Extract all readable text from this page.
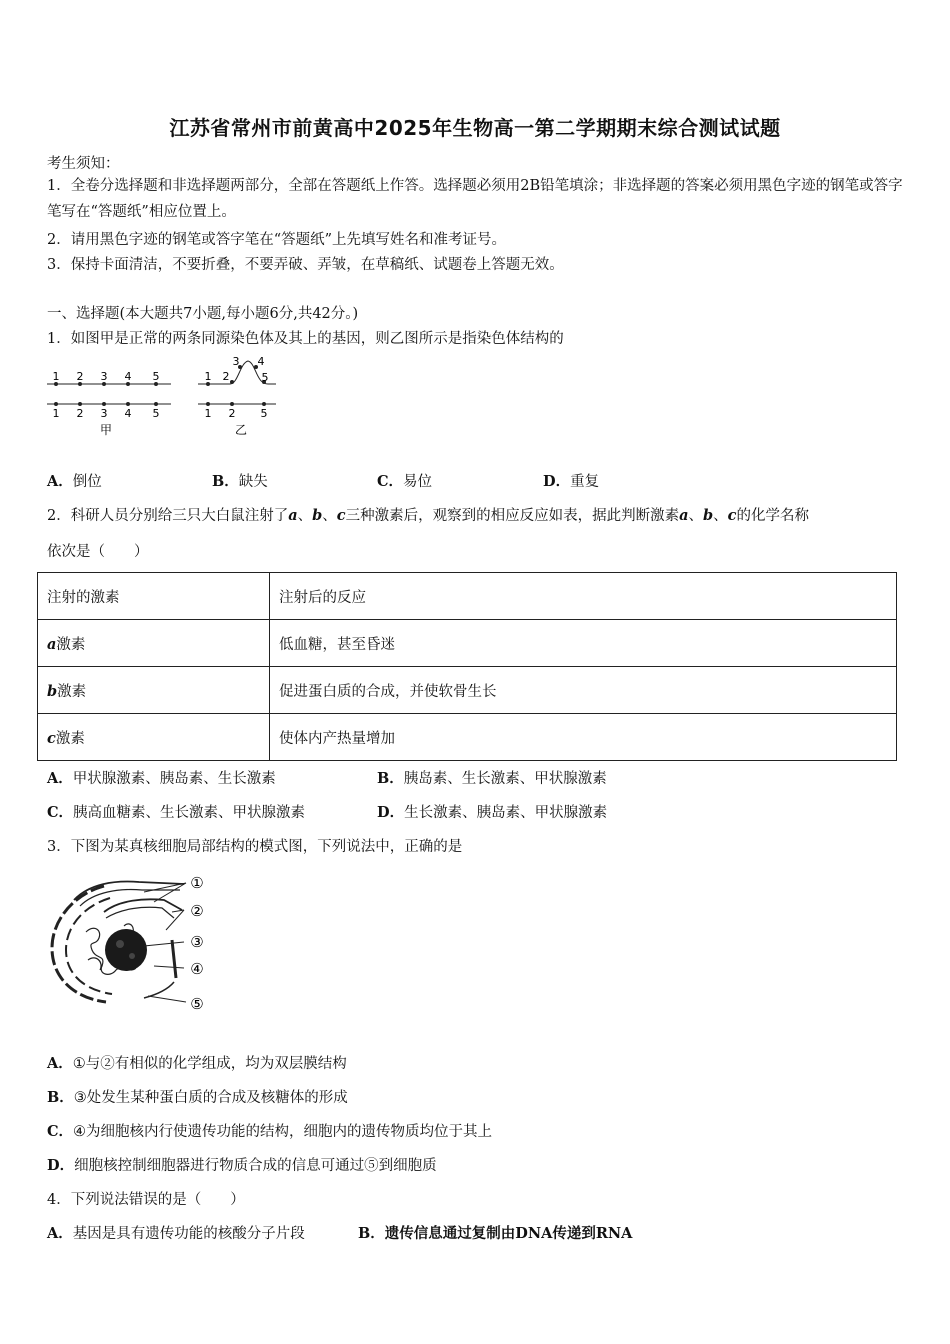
江苏省常州市前黄高中2025年生物高一第二学期期末综合测试试题
考生须知：
1．全卷分选择题和非选择题两部分，全部在答题纸上作答。选择题必须用2B铅笔填涂；非选择题的答案必须用黑色字迹的钢笔或答字笔写在“答题纸”相应位置上。
2．请用黑色字迹的钢笔或答字笔在“答题纸”上先填写姓名和准考证号。
3．保持卡面清洁，不要折叠，不要弄破、弄皱，在草稿纸、试题卷上答题无效。
一、选择题(本大题共7小题,每小题6分,共42分。)
1．如图甲是正常的两条同源染色体及其上的基因，则乙图所示是指染色体结构的
1 2 3 4 5
1 2 3 4 5
甲
1 2
3 4
5
1 2 5
乙
A．倒位	B．缺失	C．易位	D．重复
2．科研人员分别给三只大白鼠注射了a、b、c三种激素后，观察到的相应反应如表，据此判断激素a、b、c的化学名称
依次是（　　）
注射的激素	注射后的反应
a激素	低血糖，甚至昏迷
b激素	促进蛋白质的合成，并使软骨生长
c激素	使体内产热量增加
A．甲状腺激素、胰岛素、生长激素	B．胰岛素、生长激素、甲状腺激素
C．胰高血糖素、生长激素、甲状腺激素	D．生长激素、胰岛素、甲状腺激素
3．下图为某真核细胞局部结构的模式图，下列说法中，正确的是
①
②
③
④
⑤
A．①与②有相似的化学组成，均为双层膜结构
B．③处发生某种蛋白质的合成及核糖体的形成
C．④为细胞核内行使遗传功能的结构，细胞内的遗传物质均位于其上
D．细胞核控制细胞器进行物质合成的信息可通过⑤到细胞质
4．下列说法错误的是（　　）
A．基因是具有遗传功能的核酸分子片段	B．遗传信息通过复制由DNA传递到RNA
